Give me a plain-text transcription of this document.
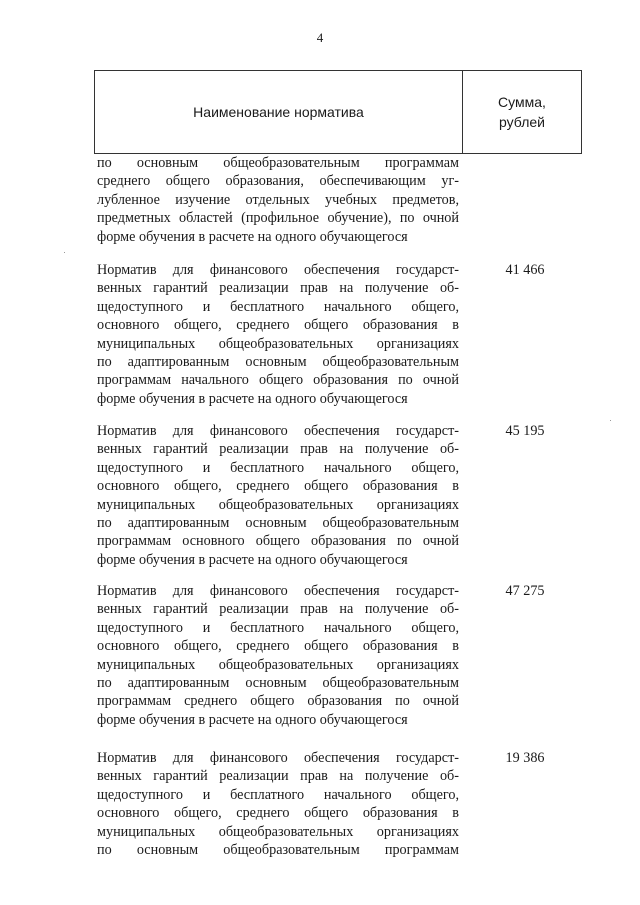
4
Наименование норматива
Сумма,
рублей
по основным общеобразовательным программам
среднего общего образования, обеспечивающим уг-
лубленное изучение отдельных учебных предметов,
предметных областей (профильное обучение), по очной
форме обучения в расчете на одного обучающегося
Норматив для финансового обеспечения государст-
венных гарантий реализации прав на получение об-
щедоступного и бесплатного начального общего,
основного общего, среднего общего образования в
муниципальных общеобразовательных организациях
по адаптированным основным общеобразовательным
программам начального общего образования по очной
форме обучения в расчете на одного обучающегося
41 466
Норматив для финансового обеспечения государст-
венных гарантий реализации прав на получение об-
щедоступного и бесплатного начального общего,
основного общего, среднего общего образования в
муниципальных общеобразовательных организациях
по адаптированным основным общеобразовательным
программам основного общего образования по очной
форме обучения в расчете на одного обучающегося
45 195
Норматив для финансового обеспечения государст-
венных гарантий реализации прав на получение об-
щедоступного и бесплатного начального общего,
основного общего, среднего общего образования в
муниципальных общеобразовательных организациях
по адаптированным основным общеобразовательным
программам среднего общего образования по очной
форме обучения в расчете на одного обучающегося
47 275
Норматив для финансового обеспечения государст-
венных гарантий реализации прав на получение об-
щедоступного и бесплатного начального общего,
основного общего, среднего общего образования в
муниципальных общеобразовательных организациях
по основным общеобразовательным программам
19 386
